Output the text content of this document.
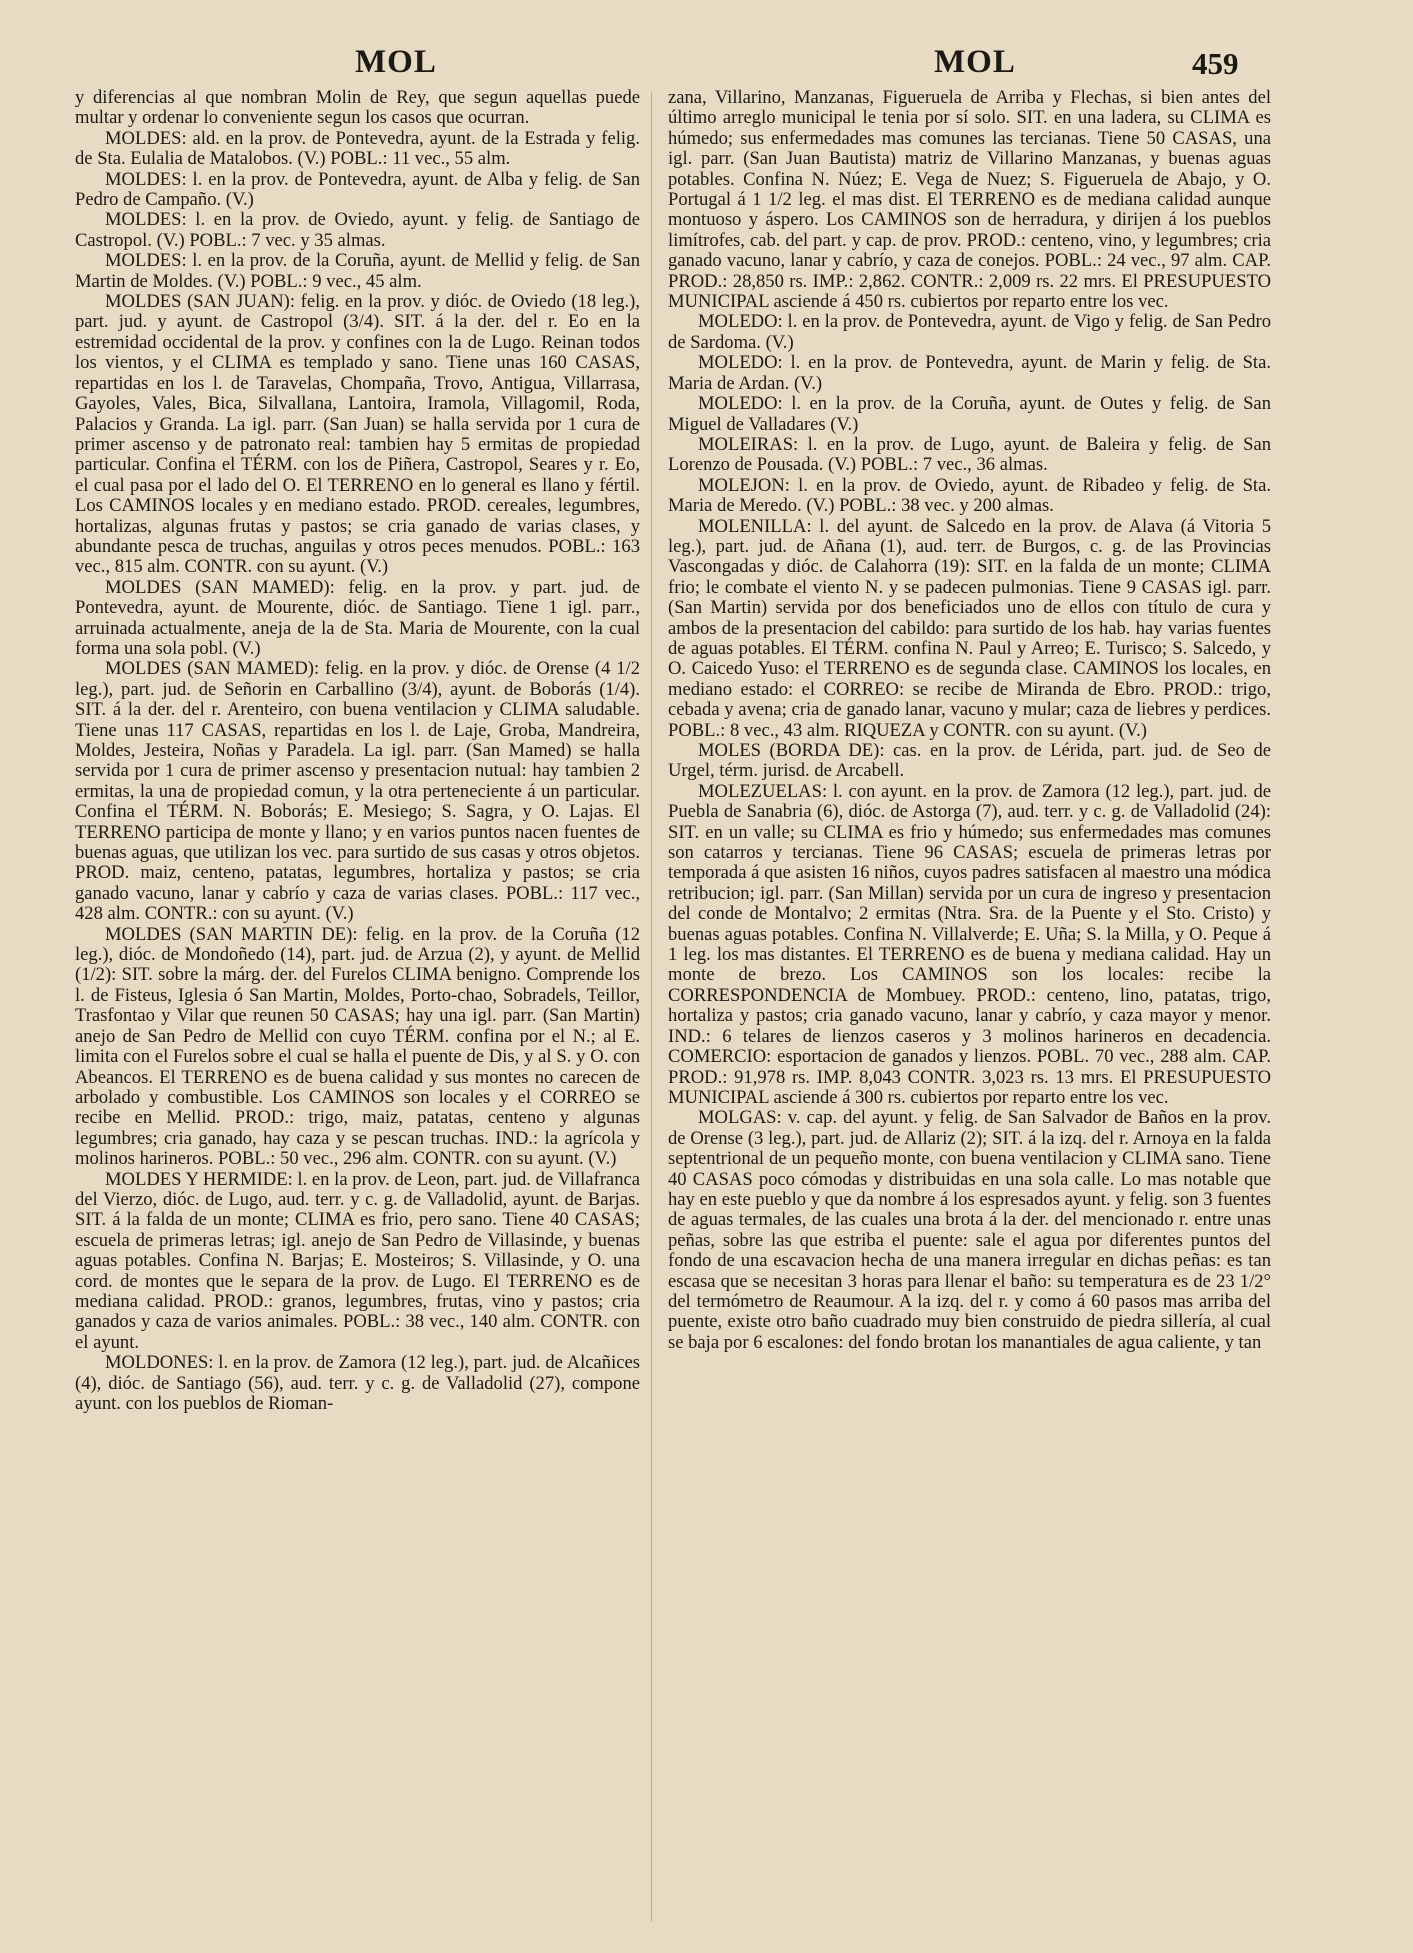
MOL	MOL	459

y diferencias al que nombran Molin de Rey, que segun aquellas puede multar y ordenar lo conveniente segun los casos que ocurran.

MOLDES: ald. en la prov. de Pontevedra, ayunt. de la Estrada y felig. de Sta. Eulalia de Matalobos. (V.) POBL.: 11 vec., 55 alm.

MOLDES: l. en la prov. de Pontevedra, ayunt. de Alba y felig. de San Pedro de Campaño. (V.)

MOLDES: l. en la prov. de Oviedo, ayunt. y felig. de Santiago de Castropol. (V.) POBL.: 7 vec. y 35 almas.

MOLDES: l. en la prov. de la Coruña, ayunt. de Mellid y felig. de San Martin de Moldes. (V.) POBL.: 9 vec., 45 alm.

MOLDES (SAN JUAN): felig. en la prov. y dióc. de Oviedo (18 leg.), part. jud. y ayunt. de Castropol (3/4). SIT. á la der. del r. Eo en la estremidad occidental de la prov. y confines con la de Lugo. Reinan todos los vientos, y el CLIMA es templado y sano. Tiene unas 160 CASAS, repartidas en los l. de Taravelas, Chompaña, Trovo, Antigua, Villarrasa, Gayoles, Vales, Bica, Silvallana, Lantoira, Iramola, Villagomil, Roda, Palacios y Granda. La igl. parr. (San Juan) se halla servida por 1 cura de primer ascenso y de patronato real: tambien hay 5 ermitas de propiedad particular. Confina el TÉRM. con los de Piñera, Castropol, Seares y r. Eo, el cual pasa por el lado del O. El TERRENO en lo general es llano y fértil. Los CAMINOS locales y en mediano estado. PROD. cereales, legumbres, hortalizas, algunas frutas y pastos; se cria ganado de varias clases, y abundante pesca de truchas, anguilas y otros peces menudos. POBL.: 163 vec., 815 alm. CONTR. con su ayunt. (V.)

MOLDES (SAN MAMED): felig. en la prov. y part. jud. de Pontevedra, ayunt. de Mourente, dióc. de Santiago. Tiene 1 igl. parr., arruinada actualmente, aneja de la de Sta. Maria de Mourente, con la cual forma una sola pobl. (V.)

MOLDES (SAN MAMED): felig. en la prov. y dióc. de Orense (4 1/2 leg.), part. jud. de Señorin en Carballino (3/4), ayunt. de Boborás (1/4). SIT. á la der. del r. Arenteiro, con buena ventilacion y CLIMA saludable. Tiene unas 117 CASAS, repartidas en los l. de Laje, Groba, Mandreira, Moldes, Jesteira, Noñas y Paradela. La igl. parr. (San Mamed) se halla servida por 1 cura de primer ascenso y presentacion nutual: hay tambien 2 ermitas, la una de propiedad comun, y la otra perteneciente á un particular. Confina el TÉRM. N. Boborás; E. Mesiego; S. Sagra, y O. Lajas. El TERRENO participa de monte y llano; y en varios puntos nacen fuentes de buenas aguas, que utilizan los vec. para surtido de sus casas y otros objetos. PROD. maiz, centeno, patatas, legumbres, hortaliza y pastos; se cria ganado vacuno, lanar y cabrío y caza de varias clases. POBL.: 117 vec., 428 alm. CONTR.: con su ayunt. (V.)

MOLDES (SAN MARTIN DE): felig. en la prov. de la Coruña (12 leg.), dióc. de Mondoñedo (14), part. jud. de Arzua (2), y ayunt. de Mellid (1/2): SIT. sobre la márg. der. del Furelos CLIMA benigno. Comprende los l. de Fisteus, Iglesia ó San Martin, Moldes, Porto-chao, Sobradels, Teillor, Trasfontao y Vilar que reunen 50 CASAS; hay una igl. parr. (San Martin) anejo de San Pedro de Mellid con cuyo TÉRM. confina por el N.; al E. limita con el Furelos sobre el cual se halla el puente de Dis, y al S. y O. con Abeancos. El TERRENO es de buena calidad y sus montes no carecen de arbolado y combustible. Los CAMINOS son locales y el CORREO se recibe en Mellid. PROD.: trigo, maiz, patatas, centeno y algunas legumbres; cria ganado, hay caza y se pescan truchas. IND.: la agrícola y molinos harineros. POBL.: 50 vec., 296 alm. CONTR. con su ayunt. (V.)

MOLDES Y HERMIDE: l. en la prov. de Leon, part. jud. de Villafranca del Vierzo, dióc. de Lugo, aud. terr. y c. g. de Valladolid, ayunt. de Barjas. SIT. á la falda de un monte; CLIMA es frio, pero sano. Tiene 40 CASAS; escuela de primeras letras; igl. anejo de San Pedro de Villasinde, y buenas aguas potables. Confina N. Barjas; E. Mosteiros; S. Villasinde, y O. una cord. de montes que le separa de la prov. de Lugo. El TERRENO es de mediana calidad. PROD.: granos, legumbres, frutas, vino y pastos; cria ganados y caza de varios animales. POBL.: 38 vec., 140 alm. CONTR. con el ayunt.

MOLDONES: l. en la prov. de Zamora (12 leg.), part. jud. de Alcañices (4), dióc. de Santiago (56), aud. terr. y c. g. de Valladolid (27), compone ayunt. con los pueblos de Rioman-

zana, Villarino, Manzanas, Figueruela de Arriba y Flechas, si bien antes del último arreglo municipal le tenia por sí solo. SIT. en una ladera, su CLIMA es húmedo; sus enfermedades mas comunes las tercianas. Tiene 50 CASAS, una igl. parr. (San Juan Bautista) matriz de Villarino Manzanas, y buenas aguas potables. Confina N. Núez; E. Vega de Nuez; S. Figueruela de Abajo, y O. Portugal á 1 1/2 leg. el mas dist. El TERRENO es de mediana calidad aunque montuoso y áspero. Los CAMINOS son de herradura, y dirijen á los pueblos limítrofes, cab. del part. y cap. de prov. PROD.: centeno, vino, y legumbres; cria ganado vacuno, lanar y cabrío, y caza de conejos. POBL.: 24 vec., 97 alm. CAP. PROD.: 28,850 rs. IMP.: 2,862. CONTR.: 2,009 rs. 22 mrs. El PRESUPUESTO MUNICIPAL asciende á 450 rs. cubiertos por reparto entre los vec.

MOLEDO: l. en la prov. de Pontevedra, ayunt. de Vigo y felig. de San Pedro de Sardoma. (V.)

MOLEDO: l. en la prov. de Pontevedra, ayunt. de Marin y felig. de Sta. Maria de Ardan. (V.)

MOLEDO: l. en la prov. de la Coruña, ayunt. de Outes y felig. de San Miguel de Valladares (V.)

MOLEIRAS: l. en la prov. de Lugo, ayunt. de Baleira y felig. de San Lorenzo de Pousada. (V.) POBL.: 7 vec., 36 almas.

MOLEJON: l. en la prov. de Oviedo, ayunt. de Ribadeo y felig. de Sta. Maria de Meredo. (V.) POBL.: 38 vec. y 200 almas.

MOLENILLA: l. del ayunt. de Salcedo en la prov. de Alava (á Vitoria 5 leg.), part. jud. de Añana (1), aud. terr. de Burgos, c. g. de las Provincias Vascongadas y dióc. de Calahorra (19): SIT. en la falda de un monte; CLIMA frio; le combate el viento N. y se padecen pulmonias. Tiene 9 CASAS igl. parr. (San Martin) servida por dos beneficiados uno de ellos con título de cura y ambos de la presentacion del cabildo: para surtido de los hab. hay varias fuentes de aguas potables. El TÉRM. confina N. Paul y Arreo; E. Turisco; S. Salcedo, y O. Caicedo Yuso: el TERRENO es de segunda clase. CAMINOS los locales, en mediano estado: el CORREO: se recibe de Miranda de Ebro. PROD.: trigo, cebada y avena; cria de ganado lanar, vacuno y mular; caza de liebres y perdices. POBL.: 8 vec., 43 alm. RIQUEZA y CONTR. con su ayunt. (V.)

MOLES (BORDA DE): cas. en la prov. de Lérida, part. jud. de Seo de Urgel, térm. jurisd. de Arcabell.

MOLEZUELAS: l. con ayunt. en la prov. de Zamora (12 leg.), part. jud. de Puebla de Sanabria (6), dióc. de Astorga (7), aud. terr. y c. g. de Valladolid (24): SIT. en un valle; su CLIMA es frio y húmedo; sus enfermedades mas comunes son catarros y tercianas. Tiene 96 CASAS; escuela de primeras letras por temporada á que asisten 16 niños, cuyos padres satisfacen al maestro una módica retribucion; igl. parr. (San Millan) servida por un cura de ingreso y presentacion del conde de Montalvo; 2 ermitas (Ntra. Sra. de la Puente y el Sto. Cristo) y buenas aguas potables. Confina N. Villalverde; E. Uña; S. la Milla, y O. Peque á 1 leg. los mas distantes. El TERRENO es de buena y mediana calidad. Hay un monte de brezo. Los CAMINOS son los locales: recibe la CORRESPONDENCIA de Mombuey. PROD.: centeno, lino, patatas, trigo, hortaliza y pastos; cria ganado vacuno, lanar y cabrío, y caza mayor y menor. IND.: 6 telares de lienzos caseros y 3 molinos harineros en decadencia. COMERCIO: esportacion de ganados y lienzos. POBL. 70 vec., 288 alm. CAP. PROD.: 91,978 rs. IMP. 8,043 CONTR. 3,023 rs. 13 mrs. El PRESUPUESTO MUNICIPAL asciende á 300 rs. cubiertos por reparto entre los vec.

MOLGAS: v. cap. del ayunt. y felig. de San Salvador de Baños en la prov. de Orense (3 leg.), part. jud. de Allariz (2); SIT. á la izq. del r. Arnoya en la falda septentrional de un pequeño monte, con buena ventilacion y CLIMA sano. Tiene 40 CASAS poco cómodas y distribuidas en una sola calle. Lo mas notable que hay en este pueblo y que da nombre á los espresados ayunt. y felig. son 3 fuentes de aguas termales, de las cuales una brota á la der. del mencionado r. entre unas peñas, sobre las que estriba el puente: sale el agua por diferentes puntos del fondo de una escavacion hecha de una manera irregular en dichas peñas: es tan escasa que se necesitan 3 horas para llenar el baño: su temperatura es de 23 1/2° del termómetro de Reaumour. A la izq. del r. y como á 60 pasos mas arriba del puente, existe otro baño cuadrado muy bien construido de piedra sillería, al cual se baja por 6 escalones: del fondo brotan los manantiales de agua caliente, y tan
